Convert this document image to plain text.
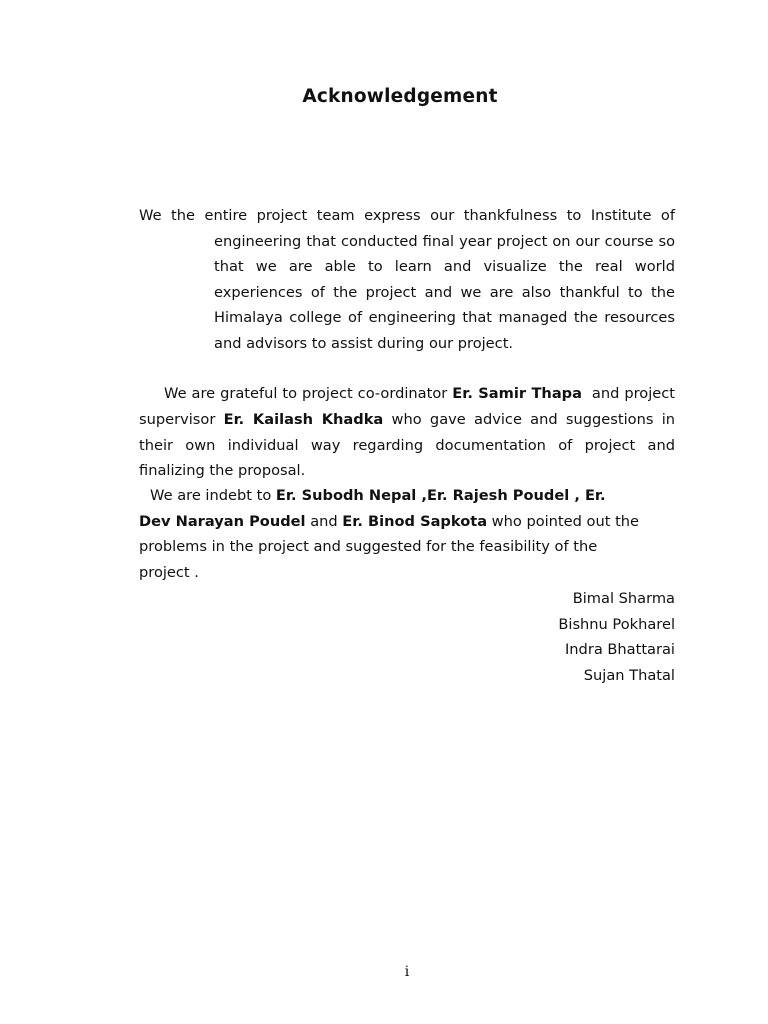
Acknowledgement
We the entire project team express our thankfulness to Institute of
engineering that conducted final year project on our course so that we are able to learn and visualize the real world experiences of the project and we are also thankful to the Himalaya college of engineering that managed the resources and advisors to assist during our project.
We are grateful to project co-ordinator Er. Samir Thapa  and project supervisor Er. Kailash Khadka who gave advice and suggestions in their own individual way regarding documentation of project and finalizing the proposal.
We are indebt to Er. Subodh Nepal ,Er. Rajesh Poudel , Er.
Dev Narayan Poudel and Er. Binod Sapkota who pointed out the
problems in the project and suggested for the feasibility of the
project .
Bimal Sharma
Bishnu Pokharel
Indra Bhattarai
Sujan Thatal
i
